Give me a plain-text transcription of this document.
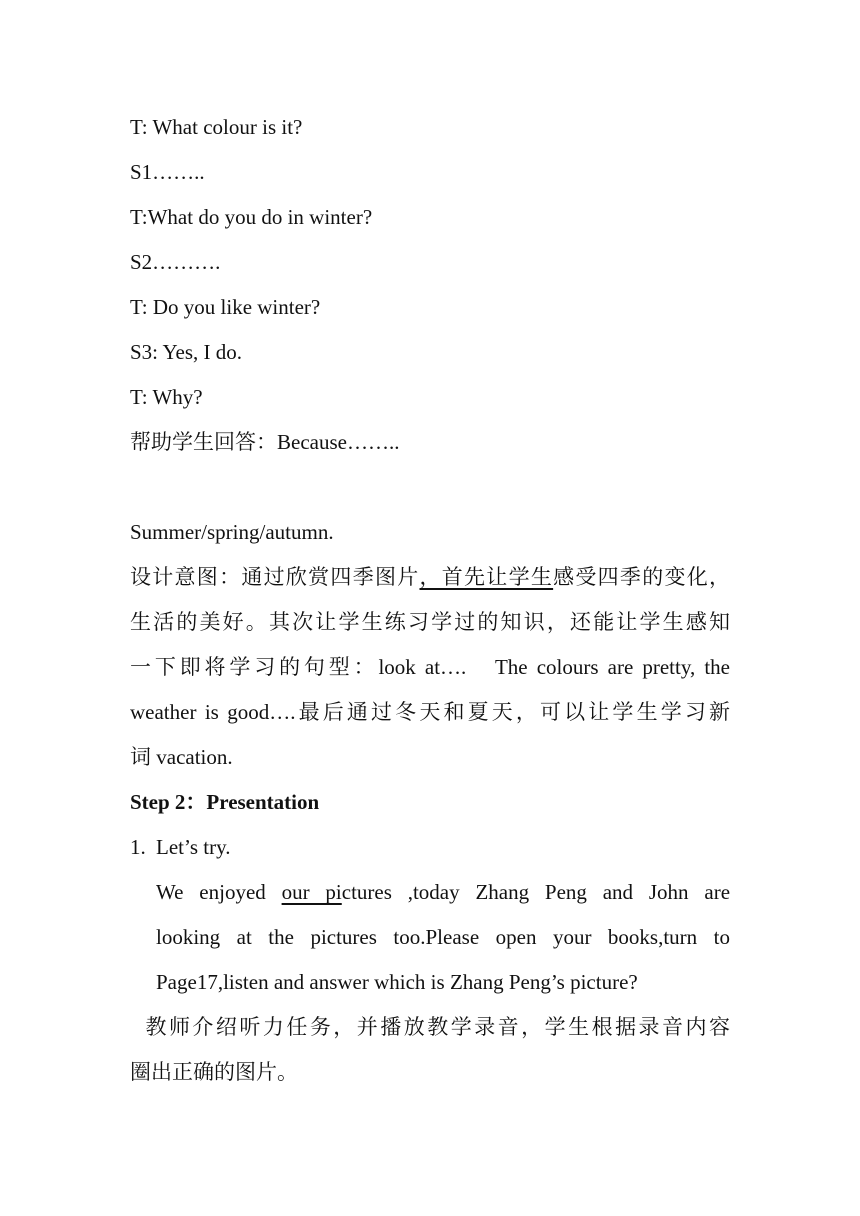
T: What colour is it?
S1……..
T:What do you do in winter?
S2……….
T: Do you like winter?
S3: Yes, I do.
T: Why?
帮助学生回答：Because……..
Summer/spring/autumn.
设计意图：通过欣赏四季图片，首先让学生感受四季的变化，
生活的美好。其次让学生练习学过的知识，还能让学生感知
一下即将学习的句型：look at….　The colours are pretty, the
weather is good….最后通过冬天和夏天，可以让学生学习新
词 vacation.
Step 2：Presentation
1. Let’s try.
We enjoyed our pictures ,today Zhang Peng and John are
looking at the pictures too.Please open your books,turn to
Page17,listen and answer which is Zhang Peng’s picture?
教师介绍听力任务，并播放教学录音，学生根据录音内容
圈出正确的图片。
